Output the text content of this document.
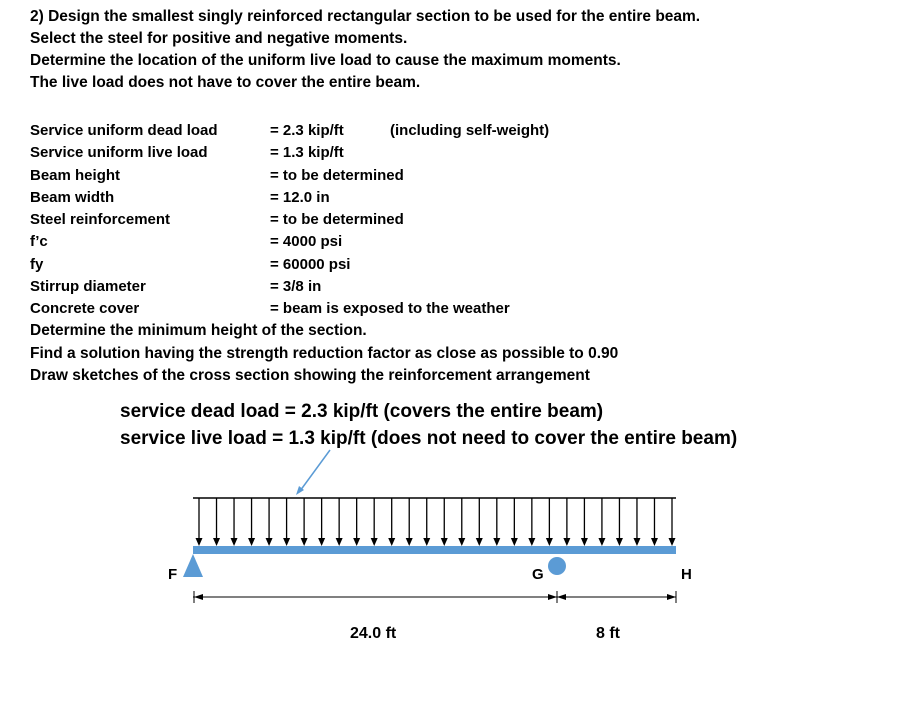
2) Design the smallest singly reinforced rectangular section to be used for the entire beam.
Select the steel for positive and negative moments.
Determine the location of the uniform live load to cause the maximum moments.
The live load does not have to cover the entire beam.
Service uniform dead load	= 2.3 kip/ft	(including self-weight)
Service uniform live load	= 1.3 kip/ft
Beam height	= to be determined
Beam width	= 12.0 in
Steel reinforcement	= to be determined
f’c	= 4000 psi
fy	= 60000 psi
Stirrup diameter	= 3/8 in
Concrete cover	= beam is exposed to the weather
Determine the minimum height of the section.
Find a solution having the strength reduction factor as close as possible to 0.90
Draw sketches of the cross section showing the reinforcement arrangement
service dead load = 2.3 kip/ft (covers the entire beam)
service live load = 1.3 kip/ft (does not need to cover the entire beam)
F	G	H
24.0 ft	8 ft
